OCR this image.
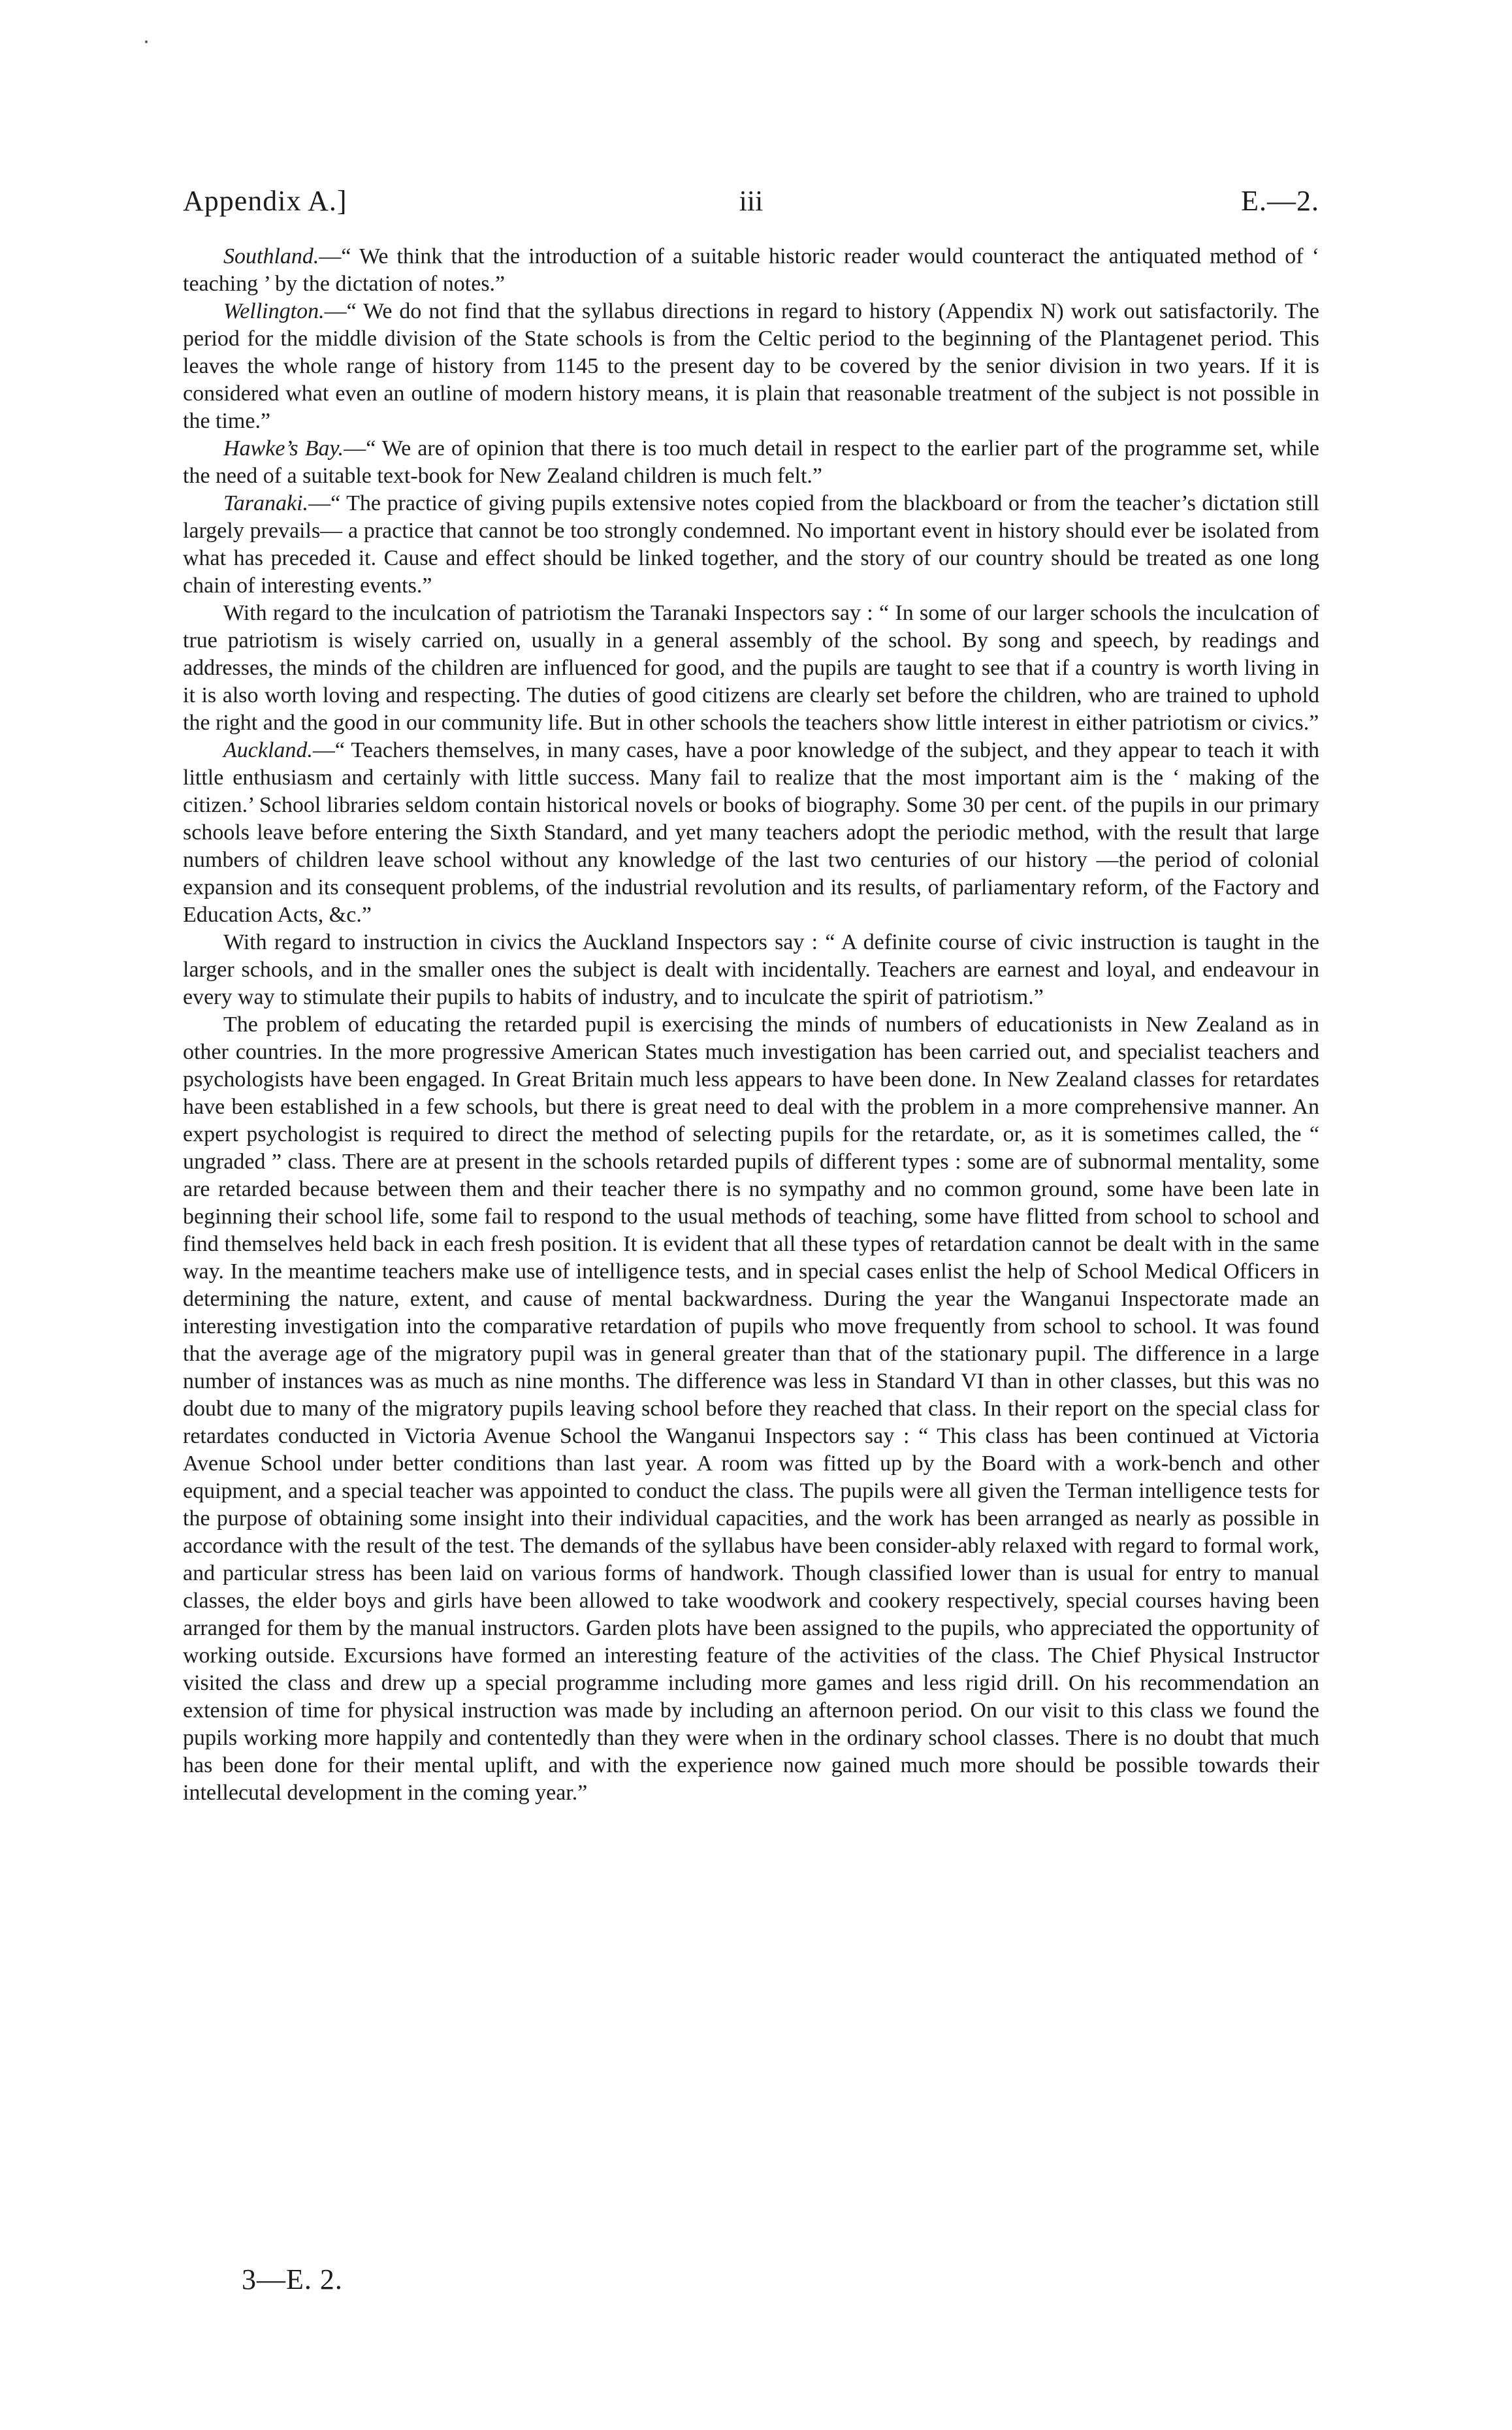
Appendix A.]	iii	E.—2.

Southland.—“ We think that the introduction of a suitable historic reader would counteract the antiquated method of ‘ teaching ’ by the dictation of notes.”

Wellington.—“ We do not find that the syllabus directions in regard to history (Appendix N) work out satisfactorily. The period for the middle division of the State schools is from the Celtic period to the beginning of the Plantagenet period. This leaves the whole range of history from 1145 to the present day to be covered by the senior division in two years. If it is considered what even an outline of modern history means, it is plain that reasonable treatment of the subject is not possible in the time.”

Hawke’s Bay.—“ We are of opinion that there is too much detail in respect to the earlier part of the programme set, while the need of a suitable text-book for New Zealand children is much felt.”

Taranaki.—“ The practice of giving pupils extensive notes copied from the blackboard or from the teacher’s dictation still largely prevails— a practice that cannot be too strongly condemned. No important event in history should ever be isolated from what has preceded it. Cause and effect should be linked together, and the story of our country should be treated as one long chain of interesting events.”

With regard to the inculcation of patriotism the Taranaki Inspectors say : “ In some of our larger schools the inculcation of true patriotism is wisely carried on, usually in a general assembly of the school. By song and speech, by readings and addresses, the minds of the children are influenced for good, and the pupils are taught to see that if a country is worth living in it is also worth loving and respecting. The duties of good citizens are clearly set before the children, who are trained to uphold the right and the good in our community life. But in other schools the teachers show little interest in either patriotism or civics.”

Auckland.—“ Teachers themselves, in many cases, have a poor knowledge of the subject, and they appear to teach it with little enthusiasm and certainly with little success. Many fail to realize that the most important aim is the ‘ making of the citizen.’ School libraries seldom contain historical novels or books of biography. Some 30 per cent. of the pupils in our primary schools leave before entering the Sixth Standard, and yet many teachers adopt the periodic method, with the result that large numbers of children leave school without any knowledge of the last two centuries of our history —the period of colonial expansion and its consequent problems, of the industrial revolution and its results, of parliamentary reform, of the Factory and Education Acts, &c.”

With regard to instruction in civics the Auckland Inspectors say : “ A definite course of civic instruction is taught in the larger schools, and in the smaller ones the subject is dealt with incidentally. Teachers are earnest and loyal, and endeavour in every way to stimulate their pupils to habits of industry, and to inculcate the spirit of patriotism.”

The problem of educating the retarded pupil is exercising the minds of numbers of educationists in New Zealand as in other countries. In the more progressive American States much investigation has been carried out, and specialist teachers and psychologists have been engaged. In Great Britain much less appears to have been done. In New Zealand classes for retardates have been established in a few schools, but there is great need to deal with the problem in a more comprehensive manner. An expert psychologist is required to direct the method of selecting pupils for the retardate, or, as it is sometimes called, the “ ungraded ” class. There are at present in the schools retarded pupils of different types : some are of subnormal mentality, some are retarded because between them and their teacher there is no sympathy and no common ground, some have been late in beginning their school life, some fail to respond to the usual methods of teaching, some have flitted from school to school and find themselves held back in each fresh position. It is evident that all these types of retardation cannot be dealt with in the same way. In the meantime teachers make use of intelligence tests, and in special cases enlist the help of School Medical Officers in determining the nature, extent, and cause of mental backwardness. During the year the Wanganui Inspectorate made an interesting investigation into the comparative retardation of pupils who move frequently from school to school. It was found that the average age of the migratory pupil was in general greater than that of the stationary pupil. The difference in a large number of instances was as much as nine months. The difference was less in Standard VI than in other classes, but this was no doubt due to many of the migratory pupils leaving school before they reached that class. In their report on the special class for retardates conducted in Victoria Avenue School the Wanganui Inspectors say : “ This class has been continued at Victoria Avenue School under better conditions than last year. A room was fitted up by the Board with a work-bench and other equipment, and a special teacher was appointed to conduct the class. The pupils were all given the Terman intelligence tests for the purpose of obtaining some insight into their individual capacities, and the work has been arranged as nearly as possible in accordance with the result of the test. The demands of the syllabus have been consider-ably relaxed with regard to formal work, and particular stress has been laid on various forms of handwork. Though classified lower than is usual for entry to manual classes, the elder boys and girls have been allowed to take woodwork and cookery respectively, special courses having been arranged for them by the manual instructors. Garden plots have been assigned to the pupils, who appreciated the opportunity of working outside. Excursions have formed an interesting feature of the activities of the class. The Chief Physical Instructor visited the class and drew up a special programme including more games and less rigid drill. On his recommendation an extension of time for physical instruction was made by including an afternoon period. On our visit to this class we found the pupils working more happily and contentedly than they were when in the ordinary school classes. There is no doubt that much has been done for their mental uplift, and with the experience now gained much more should be possible towards their intellecutal development in the coming year.”

3—E. 2.
